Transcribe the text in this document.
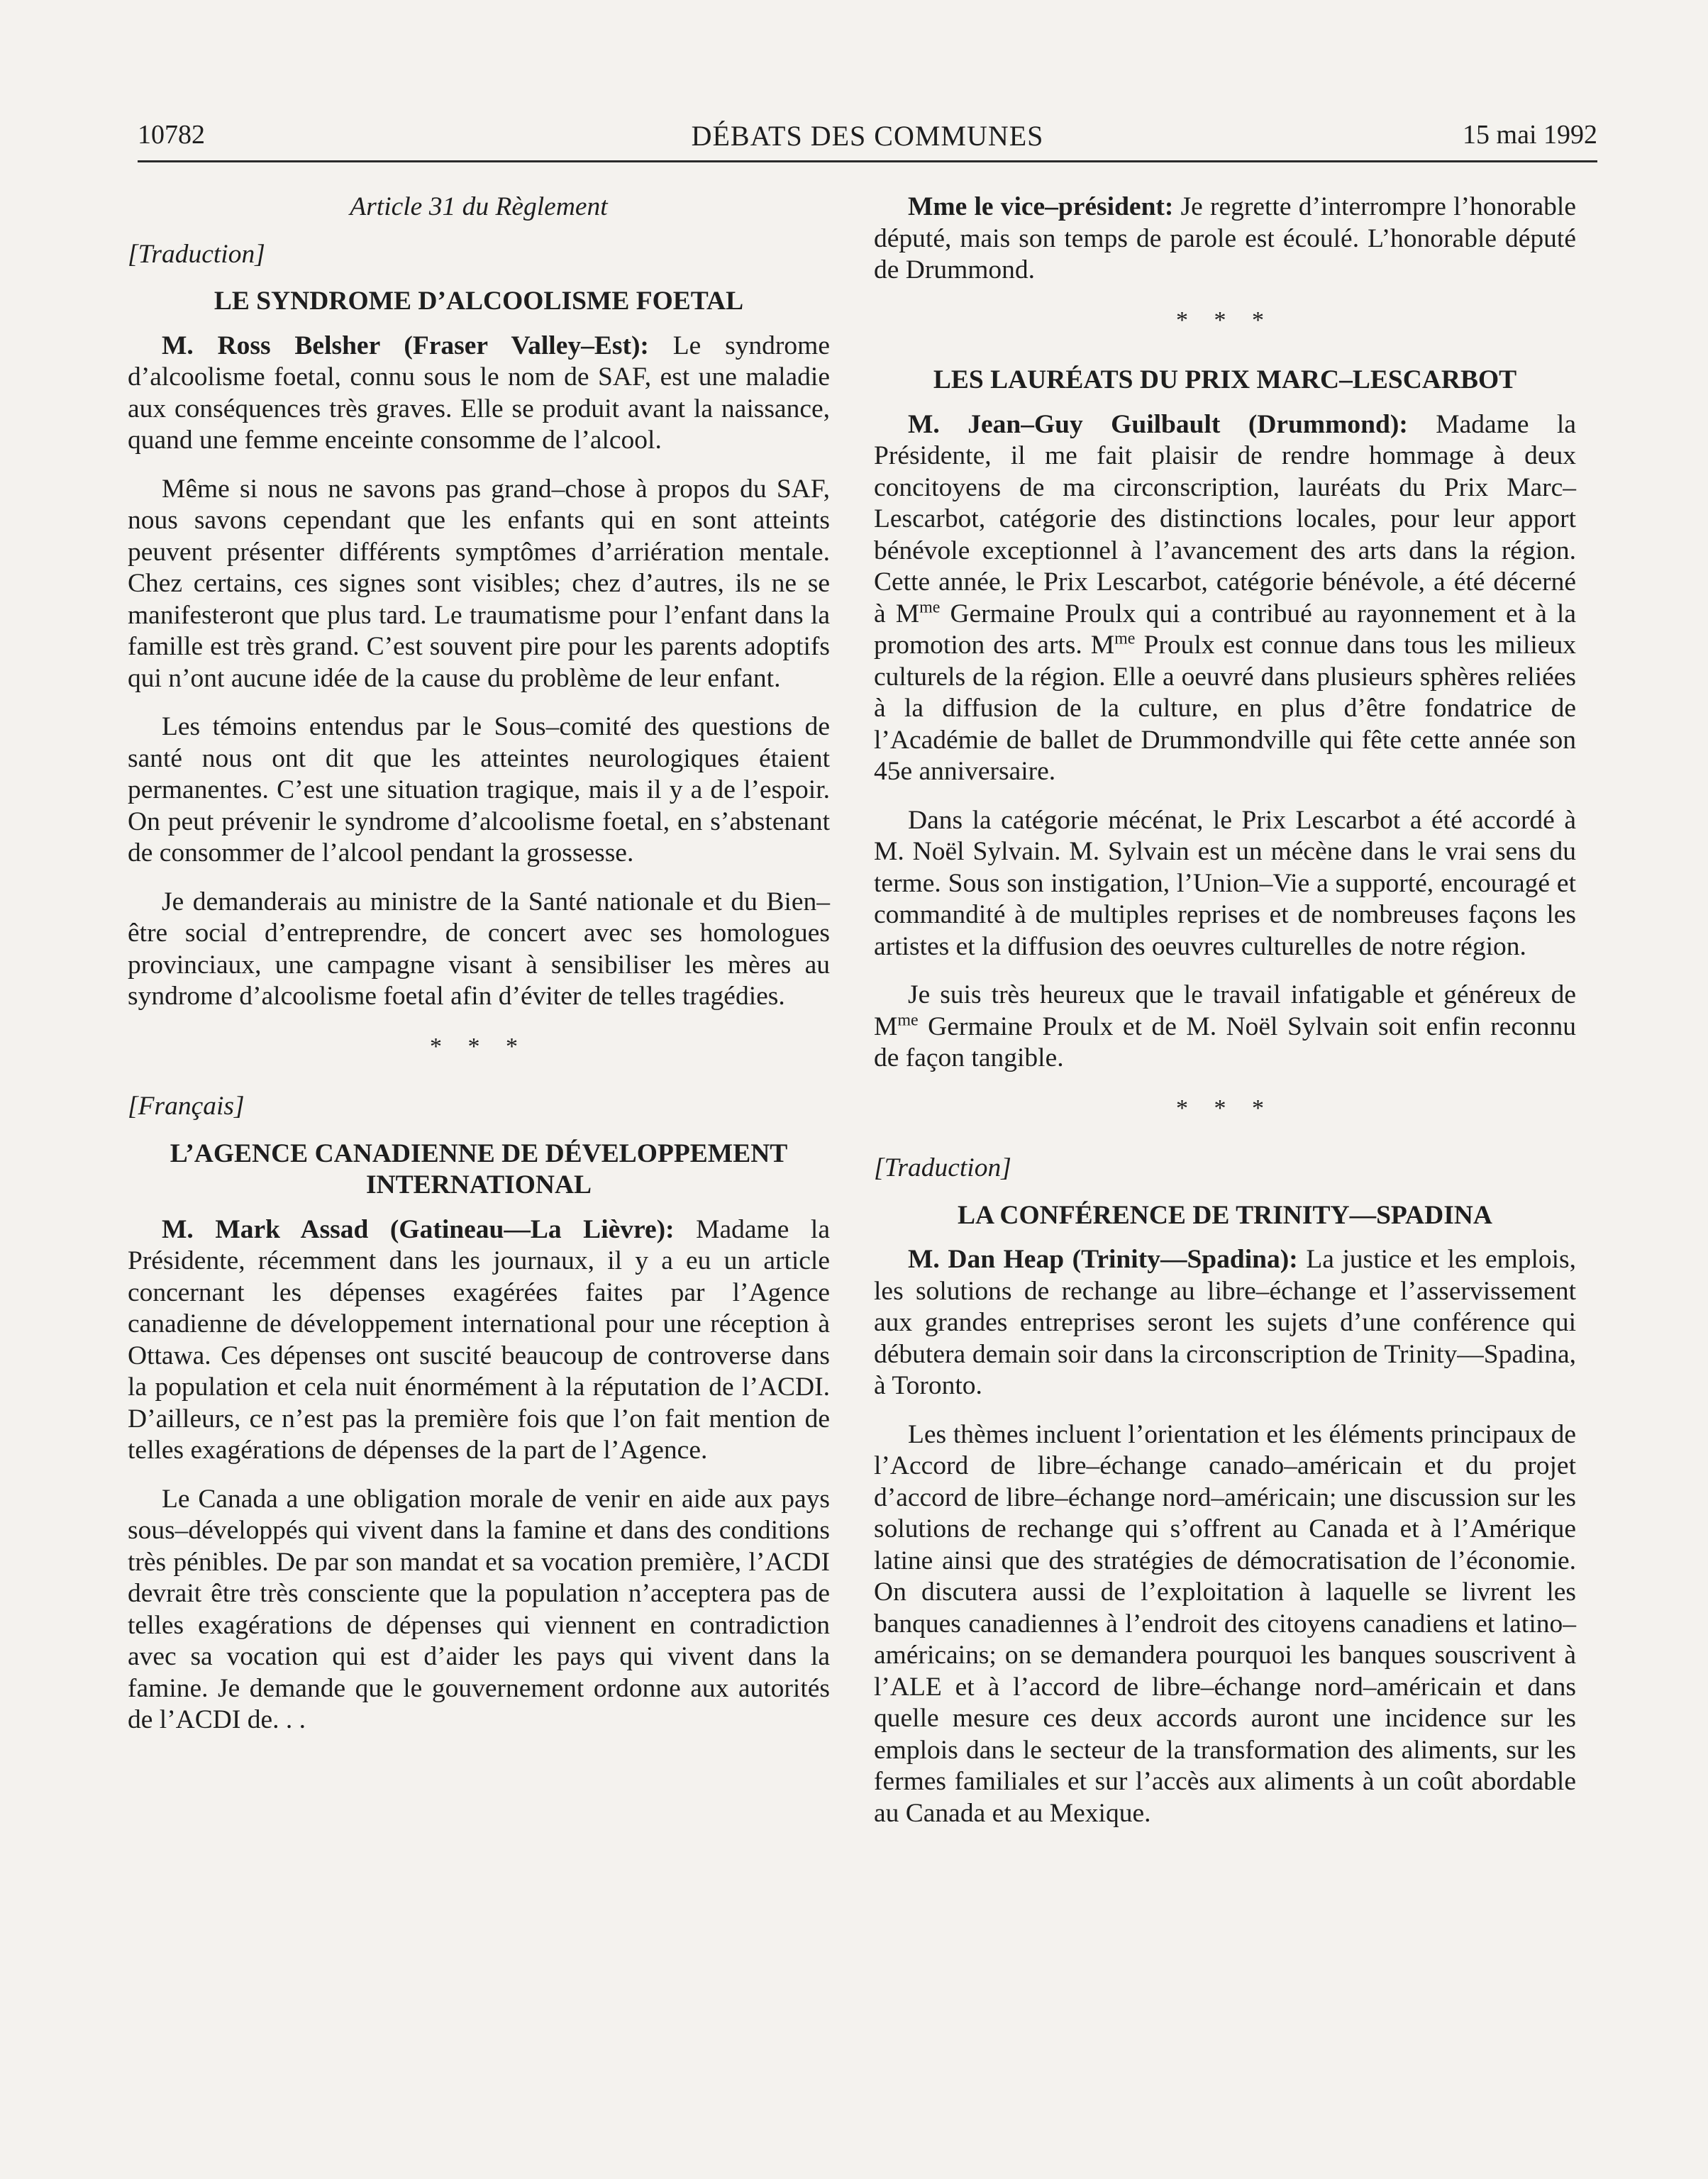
10782	DÉBATS DES COMMUNES	15 mai 1992
Article 31 du Règlement
[Traduction]
LE SYNDROME D’ALCOOLISME FOETAL

M. Ross Belsher (Fraser Valley–Est): Le syndrome d’alcoolisme foetal, connu sous le nom de SAF, est une maladie aux conséquences très graves. Elle se produit avant la naissance, quand une femme enceinte consomme de l’alcool.

Même si nous ne savons pas grand–chose à propos du SAF, nous savons cependant que les enfants qui en sont atteints peuvent présenter différents symptômes d’arriération mentale. Chez certains, ces signes sont visibles; chez d’autres, ils ne se manifesteront que plus tard. Le traumatisme pour l’enfant dans la famille est très grand. C’est souvent pire pour les parents adoptifs qui n’ont aucune idée de la cause du problème de leur enfant.

Les témoins entendus par le Sous–comité des questions de santé nous ont dit que les atteintes neurologiques étaient permanentes. C’est une situation tragique, mais il y a de l’espoir. On peut prévenir le syndrome d’alcoolisme foetal, en s’abstenant de consommer de l’alcool pendant la grossesse.

Je demanderais au ministre de la Santé nationale et du Bien–être social d’entreprendre, de concert avec ses homologues provinciaux, une campagne visant à sensibiliser les mères au syndrome d’alcoolisme foetal afin d’éviter de telles tragédies.

* * *
[Français]
L’AGENCE CANADIENNE DE DÉVELOPPEMENT
INTERNATIONAL

M. Mark Assad (Gatineau—La Lièvre): Madame la Présidente, récemment dans les journaux, il y a eu un article concernant les dépenses exagérées faites par l’Agence canadienne de développement international pour une réception à Ottawa. Ces dépenses ont suscité beaucoup de controverse dans la population et cela nuit énormément à la réputation de l’ACDI. D’ailleurs, ce n’est pas la première fois que l’on fait mention de telles exagérations de dépenses de la part de l’Agence.

Le Canada a une obligation morale de venir en aide aux pays sous–développés qui vivent dans la famine et dans des conditions très pénibles. De par son mandat et sa vocation première, l’ACDI devrait être très consciente que la population n’acceptera pas de telles exagérations de dépenses qui viennent en contradiction avec sa vocation qui est d’aider les pays qui vivent dans la famine. Je demande que le gouvernement ordonne aux autorités de l’ACDI de. . .

Mme le vice–président: Je regrette d’interrompre l’honorable député, mais son temps de parole est écoulé. L’honorable député de Drummond.

* * *
LES LAURÉATS DU PRIX MARC–LESCARBOT

M. Jean–Guy Guilbault (Drummond): Madame la Présidente, il me fait plaisir de rendre hommage à deux concitoyens de ma circonscription, lauréats du Prix Marc–Lescarbot, catégorie des distinctions locales, pour leur apport bénévole exceptionnel à l’avancement des arts dans la région. Cette année, le Prix Lescarbot, catégorie bénévole, a été décerné à $M^{me}$ Germaine Proulx qui a contribué au rayonnement et à la promotion des arts. $M^{me}$ Proulx est connue dans tous les milieux culturels de la région. Elle a oeuvré dans plusieurs sphères reliées à la diffusion de la culture, en plus d’être fondatrice de l’Académie de ballet de Drummondville qui fête cette année son 45e anniversaire.

Dans la catégorie mécénat, le Prix Lescarbot a été accordé à M. Noël Sylvain. M. Sylvain est un mécène dans le vrai sens du terme. Sous son instigation, l’Union–Vie a supporté, encouragé et commandité à de multiples reprises et de nombreuses façons les artistes et la diffusion des oeuvres culturelles de notre région.

Je suis très heureux que le travail infatigable et généreux de $M^{me}$ Germaine Proulx et de M. Noël Sylvain soit enfin reconnu de façon tangible.

* * *
[Traduction]
LA CONFÉRENCE DE TRINITY—SPADINA

M. Dan Heap (Trinity—Spadina): La justice et les emplois, les solutions de rechange au libre–échange et l’asservissement aux grandes entreprises seront les sujets d’une conférence qui débutera demain soir dans la circonscription de Trinity—Spadina, à Toronto.

Les thèmes incluent l’orientation et les éléments principaux de l’Accord de libre–échange canado–américain et du projet d’accord de libre–échange nord–américain; une discussion sur les solutions de rechange qui s’offrent au Canada et à l’Amérique latine ainsi que des stratégies de démocratisation de l’économie. On discutera aussi de l’exploitation à laquelle se livrent les banques canadiennes à l’endroit des citoyens canadiens et latino–américains; on se demandera pourquoi les banques souscrivent à l’ALE et à l’accord de libre–échange nord–américain et dans quelle mesure ces deux accords auront une incidence sur les emplois dans le secteur de la transformation des aliments, sur les fermes familiales et sur l’accès aux aliments à un coût abordable au Canada et au Mexique.
